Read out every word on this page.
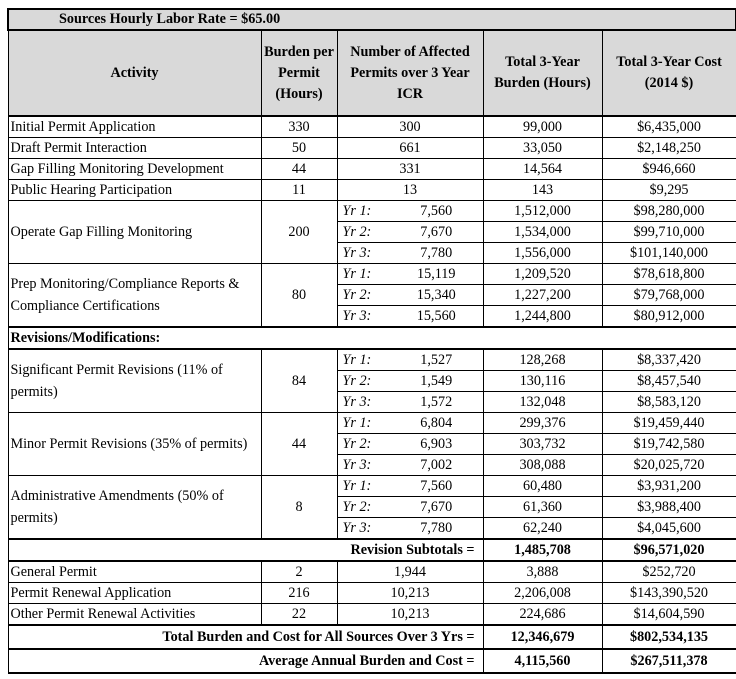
Sources Hourly Labor Rate = $65.00					
Activity	Burden per Permit (Hours)	Number of Affected Permits over 3 Year ICR		Total 3-Year Burden (Hours)	Total 3-Year Cost (2014 $)
Initial Permit Application	330	300		99,000	$6,435,000
Draft Permit Interaction	50	661		33,050	$2,148,250
Gap Filling Monitoring Development	44	331		14,564	$946,660
Public Hearing Participation	11	13		143	$9,295
Operate Gap Filling Monitoring	200	Yr 1:	7,560	1,512,000	$98,280,000
		Yr 2:	7,670	1,534,000	$99,710,000
		Yr 3:	7,780	1,556,000	$101,140,000
Prep Monitoring/Compliance Reports & Compliance Certifications	80	Yr 1:	15,119	1,209,520	$78,618,800
		Yr 2:	15,340	1,227,200	$79,768,000
		Yr 3:	15,560	1,244,800	$80,912,000
Revisions/Modifications:					
Significant Permit Revisions (11% of permits)	84	Yr 1:	1,527	128,268	$8,337,420
		Yr 2:	1,549	130,116	$8,457,540
		Yr 3:	1,572	132,048	$8,583,120
Minor Permit Revisions (35% of permits)	44	Yr 1:	6,804	299,376	$19,459,440
		Yr 2:	6,903	303,732	$19,742,580
		Yr 3:	7,002	308,088	$20,025,720
Administrative Amendments (50% of permits)	8	Yr 1:	7,560	60,480	$3,931,200
		Yr 2:	7,670	61,360	$3,988,400
		Yr 3:	7,780	62,240	$4,045,600
Revision Subtotals =				1,485,708	$96,571,020
General Permit	2	1,944		3,888	$252,720
Permit Renewal Application	216	10,213		2,206,008	$143,390,520
Other Permit Renewal Activities	22	10,213		224,686	$14,604,590
Total Burden and Cost for All Sources Over 3 Yrs =				12,346,679	$802,534,135
Average Annual Burden and Cost =				4,115,560	$267,511,378
